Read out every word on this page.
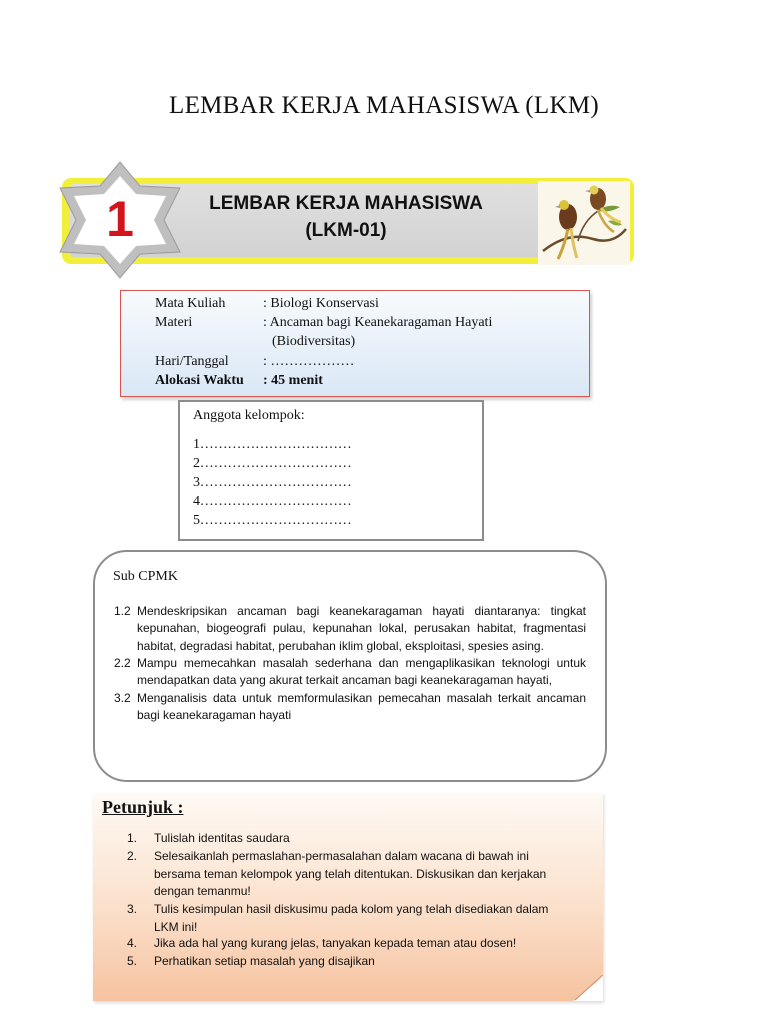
LEMBAR KERJA MAHASISWA (LKM)
LEMBAR KERJA MAHASISWA
(LKM-01)
1
Mata Kuliah	: Biologi Konservasi
Materi	: Ancaman bagi Keanekaragaman Hayati
(Biodiversitas)
Hari/Tanggal : ………………
Alokasi Waktu : 45 menit
Anggota kelompok:
1……………………………
2……………………………
3……………………………
4……………………………
5……………………………
Sub CPMK
1.2 Mendeskripsikan ancaman bagi keanekaragaman hayati diantaranya: tingkat kepunahan, biogeografi pulau, kepunahan lokal, perusakan habitat, fragmentasi habitat, degradasi habitat, perubahan iklim global, eksploitasi, spesies asing.
2.2 Mampu memecahkan masalah sederhana dan mengaplikasikan teknologi untuk mendapatkan data yang akurat terkait ancaman bagi keanekaragaman hayati,
3.2 Menganalisis data untuk memformulasikan pemecahan masalah terkait ancaman bagi keanekaragaman hayati
Petunjuk :
1. Tulislah identitas saudara
2. Selesaikanlah permaslahan-permasalahan dalam wacana di bawah ini bersama teman kelompok yang telah ditentukan. Diskusikan dan kerjakan dengan temanmu!
3. Tulis kesimpulan hasil diskusimu pada kolom yang telah disediakan dalam LKM ini!
4. Jika ada hal yang kurang jelas, tanyakan kepada teman atau dosen!
5. Perhatikan setiap masalah yang disajikan
